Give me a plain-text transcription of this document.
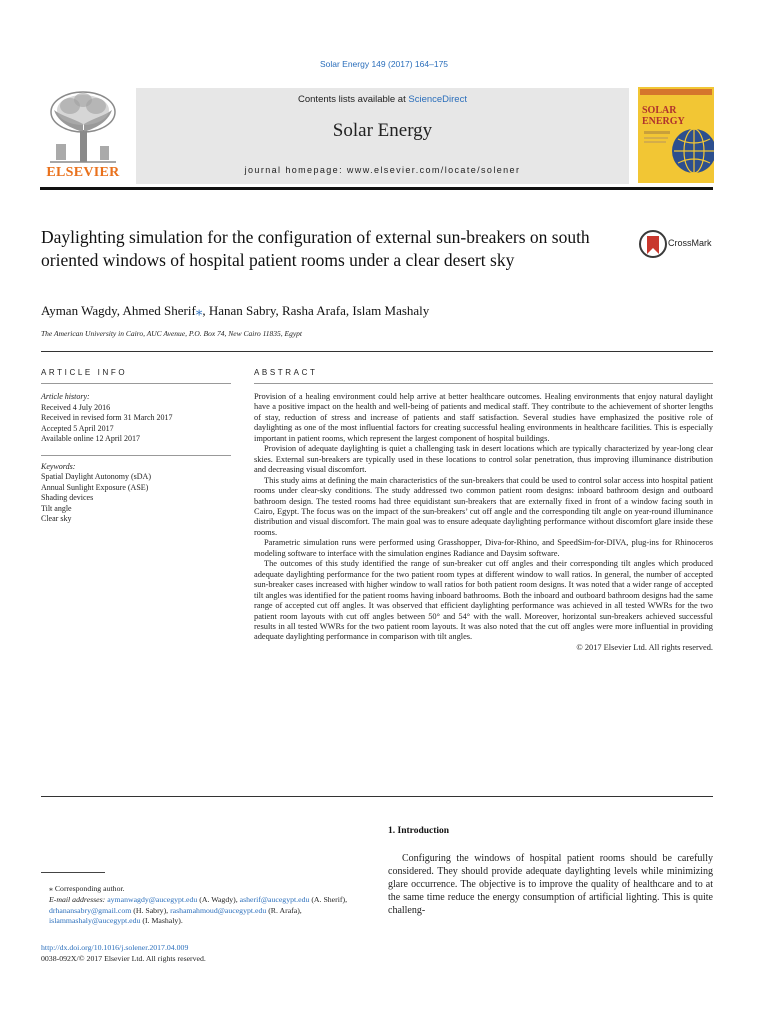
Solar Energy 149 (2017) 164–175
ELSEVIER
Contents lists available at ScienceDirect
Solar Energy
journal homepage: www.elsevier.com/locate/solener
SOLAR
ENERGY
Daylighting simulation for the configuration of external sun-breakers on south oriented windows of hospital patient rooms under a clear desert sky
CrossMark
Ayman Wagdy, Ahmed Sherif⁎, Hanan Sabry, Rasha Arafa, Islam Mashaly
The American University in Cairo, AUC Avenue, P.O. Box 74, New Cairo 11835, Egypt
ARTICLE INFO	ABSTRACT
Article history:
Received 4 July 2016
Received in revised form 31 March 2017
Accepted 5 April 2017
Available online 12 April 2017
Keywords:
Spatial Daylight Autonomy (sDA)
Annual Sunlight Exposure (ASE)
Shading devices
Tilt angle
Clear sky

Provision of a healing environment could help arrive at better healthcare outcomes. Healing environments that enjoy natural daylight have a positive impact on the health and well-being of patients and medical staff. They contribute to the achievement of shorter lengths of stay, reduction of stress and increase of patients and staff satisfaction. Several studies have emphasized the positive role of daylighting as one of the most influential factors for creating successful healing environments in healthcare facilities. This is especially important in patient rooms, which represent the largest component of hospital buildings.

Provision of adequate daylighting is quiet a challenging task in desert locations which are typically characterized by year-long clear skies. External sun-breakers are typically used in these locations to control solar penetration, thus improving illuminance distribution and decreasing visual discomfort.

This study aims at defining the main characteristics of the sun-breakers that could be used to control solar access into hospital patient rooms under clear-sky conditions. The study addressed two common patient room designs: inboard bathroom design and outboard bathroom design. The tested rooms had three equidistant sun-breakers that are externally fixed in front of a window facing south in Cairo, Egypt. The focus was on the impact of the sun-breakers’ cut off angle and the corresponding tilt angle on year-round illuminance distribution and visual discomfort. The main goal was to ensure adequate daylighting performance without discomfort glare inside these rooms.

Parametric simulation runs were performed using Grasshopper, Diva-for-Rhino, and SpeedSim-for-DIVA, plug-ins for Rhinoceros modeling software to interface with the simulation engines Radiance and Daysim software.

The outcomes of this study identified the range of sun-breaker cut off angles and their corresponding tilt angles which produced adequate daylighting performance for the two patient room types at different window to wall ratios. In general, the number of accepted sun-breaker cases increased with higher window to wall ratios for both patient room designs. It was noted that a wider range of accepted tilt angles was identified for the patient rooms having inboard bathrooms. Both the inboard and outboard bathroom designs had the same range of accepted cut off angles. It was observed that efficient daylighting performance was achieved in all tested WWRs for the two patient room layouts with cut off angles between 50° and 54° with the wall. Moreover, horizontal sun-breakers achieved successful results in all tested WWRs for the two patient room layouts. It was also noted that the cut off angles were more influential in providing adequate daylighting performance in comparison with tilt angles.

© 2017 Elsevier Ltd. All rights reserved.
1. Introduction
Configuring the windows of hospital patient rooms should be carefully considered. They should provide adequate daylighting levels while minimizing glare occurrence. The objective is to improve the quality of healthcare and to at the same time reduce the energy consumption of artificial lighting. This is quite challeng-
⁎ Corresponding author.
E-mail addresses: aymanwagdy@aucegypt.edu (A. Wagdy), asherif@aucegypt.edu (A. Sherif), drhanansabry@gmail.com (H. Sabry), rashamahmoud@aucegypt.edu (R. Arafa), islammashaly@aucegypt.edu (I. Mashaly).
http://dx.doi.org/10.1016/j.solener.2017.04.009
0038-092X/© 2017 Elsevier Ltd. All rights reserved.
